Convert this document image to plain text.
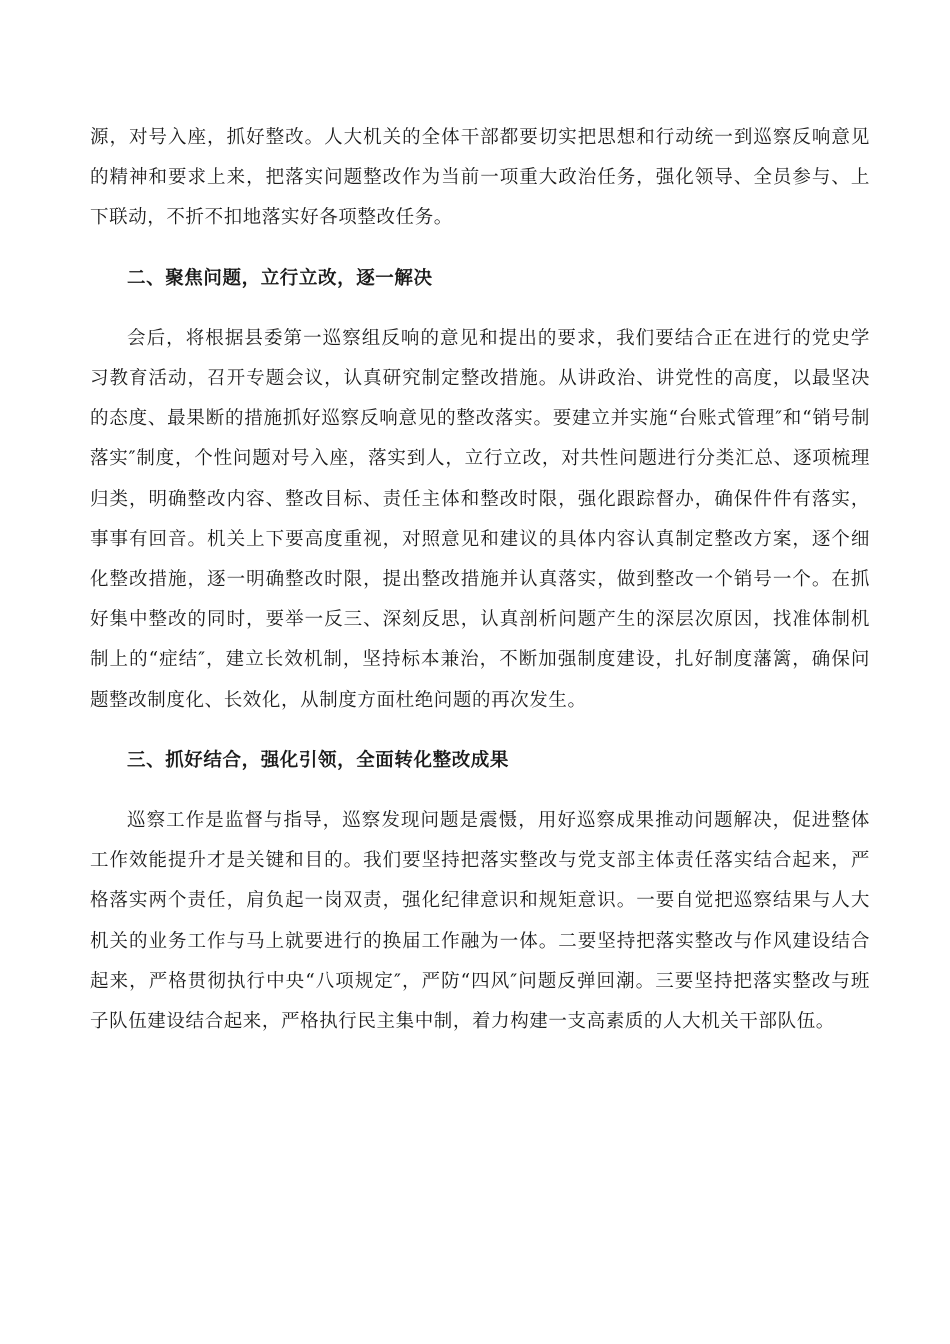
源，对号入座，抓好整改。人大机关的全体干部都要切实把思想和行动统一到巡察反响意见的精神和要求上来，把落实问题整改作为当前一项重大政治任务，强化领导、全员参与、上下联动，不折不扣地落实好各项整改任务。

二、聚焦问题，立行立改，逐一解决

会后，将根据县委第一巡察组反响的意见和提出的要求，我们要结合正在进行的党史学习教育活动，召开专题会议，认真研究制定整改措施。从讲政治、讲党性的高度，以最坚决的态度、最果断的措施抓好巡察反响意见的整改落实。要建立并实施“台账式管理″和“销号制落实″制度，个性问题对号入座，落实到人，立行立改，对共性问题进行分类汇总、逐项梳理归类，明确整改内容、整改目标、责任主体和整改时限，强化跟踪督办，确保件件有落实，事事有回音。机关上下要高度重视，对照意见和建议的具体内容认真制定整改方案，逐个细化整改措施，逐一明确整改时限，提出整改措施并认真落实，做到整改一个销号一个。在抓好集中整改的同时，要举一反三、深刻反思，认真剖析问题产生的深层次原因，找准体制机制上的“症结″，建立长效机制，坚持标本兼治，不断加强制度建设，扎好制度藩篱，确保问题整改制度化、长效化，从制度方面杜绝问题的再次发生。

三、抓好结合，强化引领，全面转化整改成果

巡察工作是监督与指导，巡察发现问题是震慑，用好巡察成果推动问题解决，促进整体工作效能提升才是关键和目的。我们要坚持把落实整改与党支部主体责任落实结合起来，严格落实两个责任，肩负起一岗双责，强化纪律意识和规矩意识。一要自觉把巡察结果与人大机关的业务工作与马上就要进行的换届工作融为一体。二要坚持把落实整改与作风建设结合起来，严格贯彻执行中央“八项规定″，严防“四风″问题反弹回潮。三要坚持把落实整改与班子队伍建设结合起来，严格执行民主集中制，着力构建一支高素质的人大机关干部队伍。
